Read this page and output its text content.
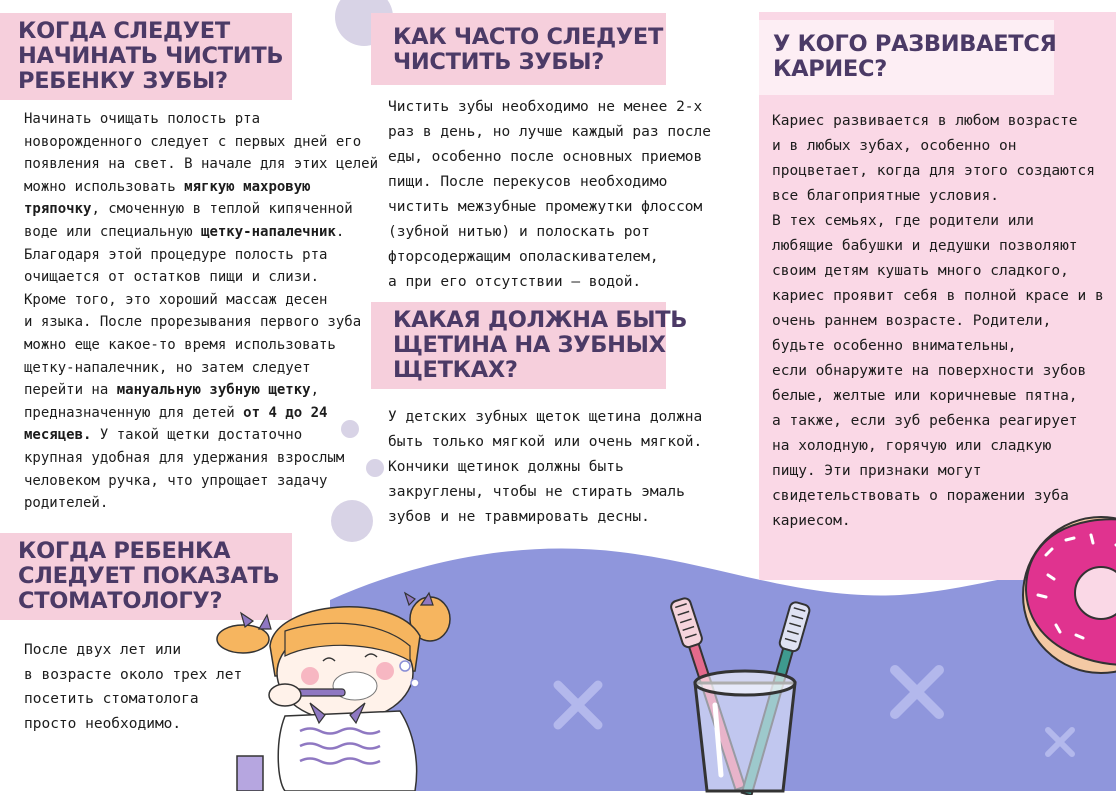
КОГДА СЛЕДУЕТ
НАЧИНАТЬ ЧИСТИТЬ
РЕБЕНКУ ЗУБЫ?
Начинать очищать полость рта
новорожденного следует с первых дней его
появления на свет. В начале для этих целей
можно использовать мягкую махровую
тряпочку, смоченную в теплой кипяченной
воде или специальную щетку-напалечник.
Благодаря этой процедуре полость рта
очищается от остатков пищи и слизи.
Кроме того, это хороший массаж десен
и языка. После прорезывания первого зуба
можно еще какое-то время использовать
щетку-напалечник, но затем следует
перейти на мануальную зубную щетку,
предназначенную для детей от 4 до 24
месяцев. У такой щетки достаточно
крупная удобная для удержания взрослым
человеком ручка, что упрощает задачу
родителей.
КОГДА РЕБЕНКА
СЛЕДУЕТ ПОКАЗАТЬ
СТОМАТОЛОГУ?
После двух лет или
в возрасте около трех лет
посетить стоматолога
просто необходимо.
КАК ЧАСТО СЛЕДУЕТ
ЧИСТИТЬ ЗУБЫ?
Чистить зубы необходимо не менее 2-х
раз в день, но лучше каждый раз после
еды, особенно после основных приемов
пищи. После перекусов необходимо
чистить межзубные промежутки флоссом
(зубной нитью) и полоскать рот
фторсодержащим ополаскивателем,
а при его отсутствии – водой.
КАКАЯ ДОЛЖНА БЫТЬ
ЩЕТИНА НА ЗУБНЫХ
ЩЕТКАХ?
У детских зубных щеток щетина должна
быть только мягкой или очень мягкой.
Кончики щетинок должны быть
закруглены, чтобы не стирать эмаль
зубов и не травмировать десны.
У КОГО РАЗВИВАЕТСЯ
КАРИЕС?
Кариес развивается в любом возрасте
и в любых зубах, особенно он
процветает, когда для этого создаются
все благоприятные условия.
В тех семьях, где родители или
любящие бабушки и дедушки позволяют
своим детям кушать много сладкого,
кариес проявит себя в полной красе и в
очень раннем возрасте. Родители,
будьте особенно внимательны,
если обнаружите на поверхности зубов
белые, желтые или коричневые пятна,
а также, если зуб ребенка реагирует
на холодную, горячую или сладкую
пищу. Эти признаки могут
свидетельствовать о поражении зуба
кариесом.
